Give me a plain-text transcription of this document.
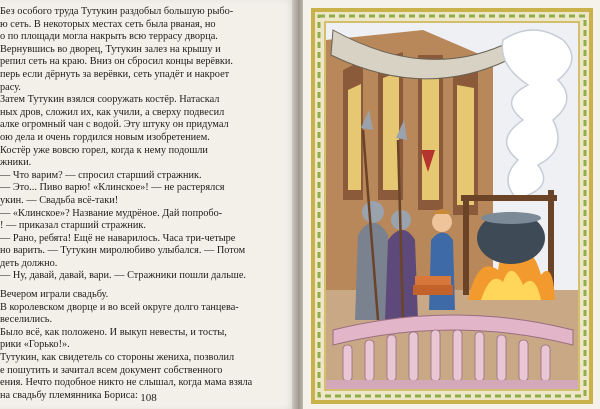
Без особого труда Тутукин раздобыл большую рыбо-
ю сеть. В некоторых местах сеть была рваная, но
о по площади могла накрыть всю террасу дворца.
Вернувшись во дворец, Тутукин залез на крышу и
репил сеть на краю. Вниз он сбросил концы верёвки.
перь если дёрнуть за верёвки, сеть упадёт и накроет
расу.
Затем Тутукин взялся сооружать костёр. Натаскал
ных дров, сложил их, как учили, а сверху подвесил
алке огромный чан с водой. Эту штуку он придумал
ою дела и очень гордился новым изобретением.
Костёр уже вовсю горел, когда к нему подошли
жники.
— Что варим? — спросил старший стражник.
— Это... Пиво варю! «Клинское»! — не растерялся
укин. — Свадьба всё-таки!
— «Клинское»? Название мудрёное. Дай попробо-
! — приказал старший стражник.
— Рано, ребята! Ещё не наварилось. Часа три-четыре
но варить. — Тутукин миролюбиво улыбался. — Потом
деть должно.
— Ну, давай, давай, вари. — Стражники пошли дальше.
Вечером играли свадьбу.
В королевском дворце и во всей округе долго танцева-
веселились.
Было всё, как положено. И выкуп невесты, и тосты,
рики «Горько!».
Тутукин, как свидетель со стороны жениха, позволил
е пошутить и зачитал всем документ собственного
ения. Нечто подобное никто не слышал, когда мама взяла
на свадьбу племянника Бориса: 108
